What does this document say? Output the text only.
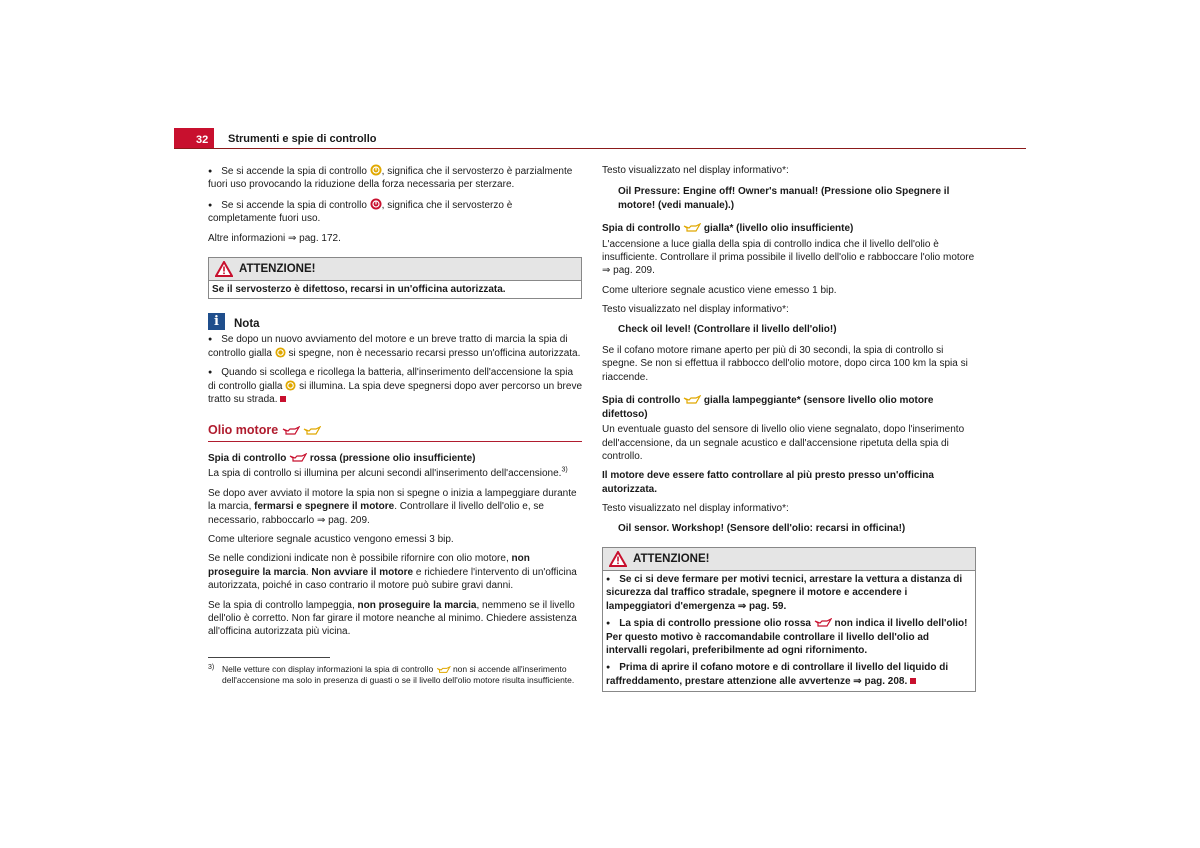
32	Strumenti e spie di controllo

● Se si accende la spia di controllo , significa che il servosterzo è parzialmente fuori uso provocando la riduzione della forza necessaria per sterzare.

● Se si accende la spia di controllo , significa che il servosterzo è completamente fuori uso.

Altre informazioni ⇒ pag. 172.

ATTENZIONE!
Se il servosterzo è difettoso, recarsi in un'officina autorizzata.
i	Nota

● Se dopo un nuovo avviamento del motore e un breve tratto di marcia la spia di controllo gialla si spegne, non è necessario recarsi presso un'officina autorizzata.

● Quando si scollega e ricollega la batteria, all'inserimento dell'accensione la spia di controllo gialla si illumina. La spia deve spegnersi dopo aver percorso un breve tratto su strada.

Olio motore

Spia di controllo rossa (pressione olio insufficiente)

La spia di controllo si illumina per alcuni secondi all'inserimento dell'accensione.$^{3)}$

Se dopo aver avviato il motore la spia non si spegne o inizia a lampeggiare durante la marcia, fermarsi e spegnere il motore. Controllare il livello dell'olio e, se necessario, rabboccarlo ⇒ pag. 209.

Come ulteriore segnale acustico vengono emessi 3 bip.

Se nelle condizioni indicate non è possibile rifornire con olio motore, non proseguire la marcia. Non avviare il motore e richiedere l'intervento di un'officina autorizzata, poiché in caso contrario il motore può subire gravi danni.

Se la spia di controllo lampeggia, non proseguire la marcia, nemmeno se il livello dell'olio è corretto. Non far girare il motore neanche al minimo. Chiedere assistenza all'officina autorizzata più vicina.

3) Nelle vetture con display informazioni la spia di controllo non si accende all'inserimento dell'accensione ma solo in presenza di guasti o se il livello dell'olio motore risulta insufficiente.

Testo visualizzato nel display informativo*:

Oil Pressure: Engine off! Owner's manual! (Pressione olio Spegnere il motore! (vedi manuale).)

Spia di controllo gialla* (livello olio insufficiente)

L'accensione a luce gialla della spia di controllo indica che il livello dell'olio è insufficiente. Controllare il prima possibile il livello dell'olio e rabboccare l'olio motore ⇒ pag. 209.

Come ulteriore segnale acustico viene emesso 1 bip.

Testo visualizzato nel display informativo*:

Check oil level! (Controllare il livello dell'olio!)

Se il cofano motore rimane aperto per più di 30 secondi, la spia di controllo si spegne. Se non si effettua il rabbocco dell'olio motore, dopo circa 100 km la spia si riaccende.

Spia di controllo gialla lampeggiante* (sensore livello olio motore difettoso)

Un eventuale guasto del sensore di livello olio viene segnalato, dopo l'inserimento dell'accensione, da un segnale acustico e dall'accensione ripetuta della spia di controllo.

Il motore deve essere fatto controllare al più presto presso un'officina autorizzata.

Testo visualizzato nel display informativo*:

Oil sensor. Workshop! (Sensore dell'olio: recarsi in officina!)

ATTENZIONE!

● Se ci si deve fermare per motivi tecnici, arrestare la vettura a distanza di sicurezza dal traffico stradale, spegnere il motore e accendere i lampeggiatori d'emergenza ⇒ pag. 59.

● La spia di controllo pressione olio rossa non indica il livello dell'olio! Per questo motivo è raccomandabile controllare il livello dell'olio ad intervalli regolari, preferibilmente ad ogni rifornimento.

● Prima di aprire il cofano motore e di controllare il livello del liquido di raffreddamento, prestare attenzione alle avvertenze ⇒ pag. 208.
